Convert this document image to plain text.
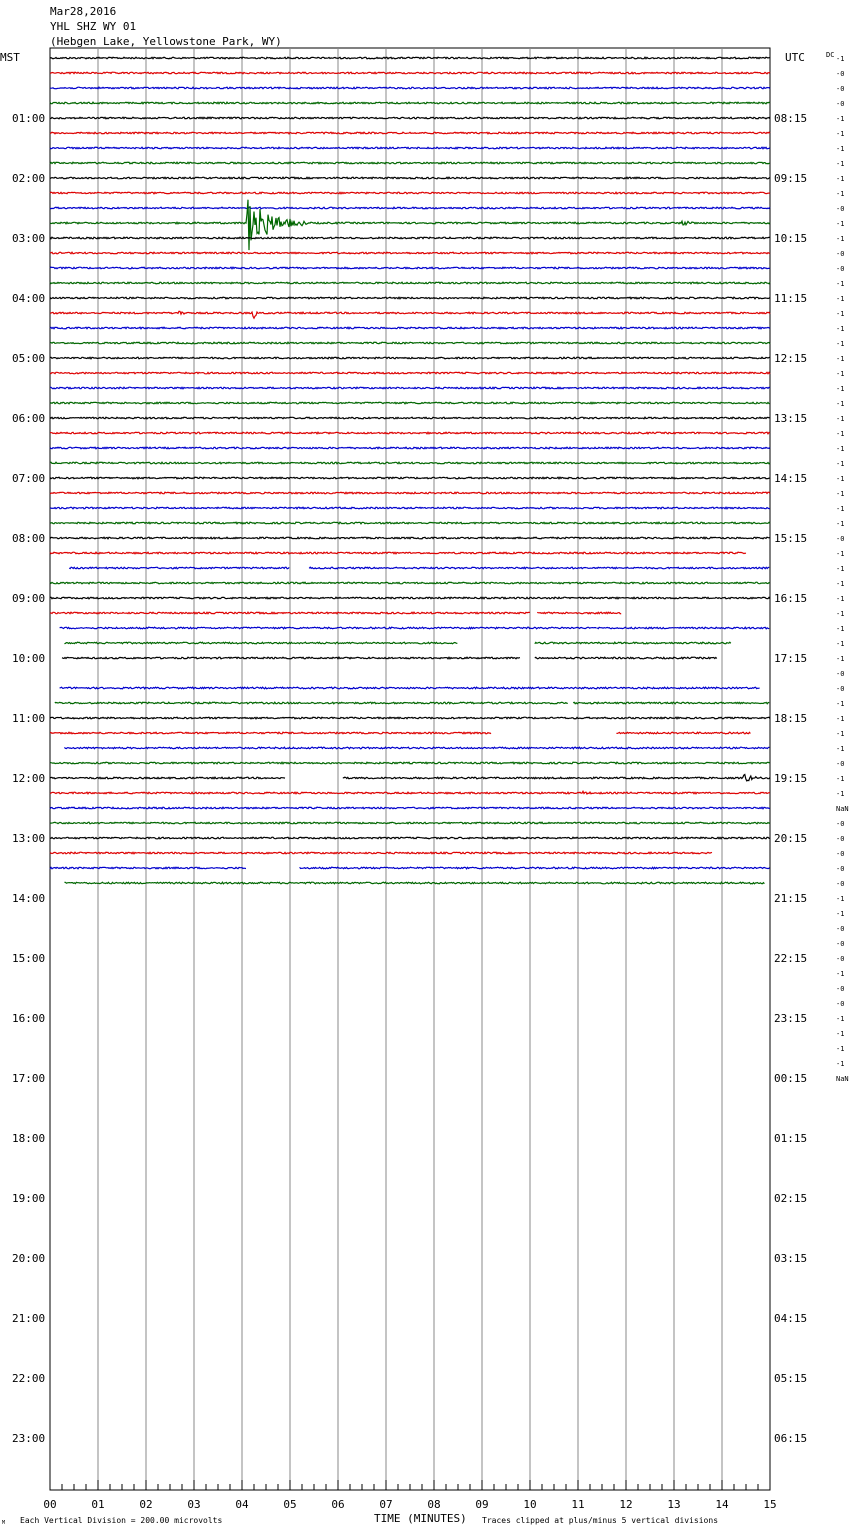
MST	UTC	DC
01:00
02:00
03:00
04:00
05:00
06:00
07:00
08:00
09:00
10:00
11:00
12:00
13:00
14:00
15:00
16:00
17:00
18:00
19:00
20:00
21:00
22:00
23:00
08:15
09:15
10:15
11:15
12:15
13:15
14:15
15:15
16:15
17:15
18:15
19:15
20:15
21:15
22:15
23:15
00:15
01:15
02:15
03:15
04:15
05:15
06:15
-1
-0
-0
-0
-1
-1
-1
-1
-1
-1
-0
-1
-1
-0
-0
-1
-1
-1
-1
-1
-1
-1
-1
-1
-1
-1
-1
-1
-1
-1
-1
-1
-0
-1
-1
-1
-1
-1
-1
-1
-1
-0
-0
-1
-1
-1
-1
-0
-1
-1
NaN
-0
-0
-0
-0
-0
-1
-1
-0
-0
-0
-1
-0
-0
-1
-1
-1
-1
NaN
00	01	02	03	04	05	06	07	08	09	10	11	12	13	14	15
M Each Vertical Division = 200.00 microvolts	TIME (MINUTES) Traces clipped at plus/minus 5 vertical divisions
Mar28,2016
YHL SHZ WY 01
(Hebgen Lake, Yellowstone Park, WY)
